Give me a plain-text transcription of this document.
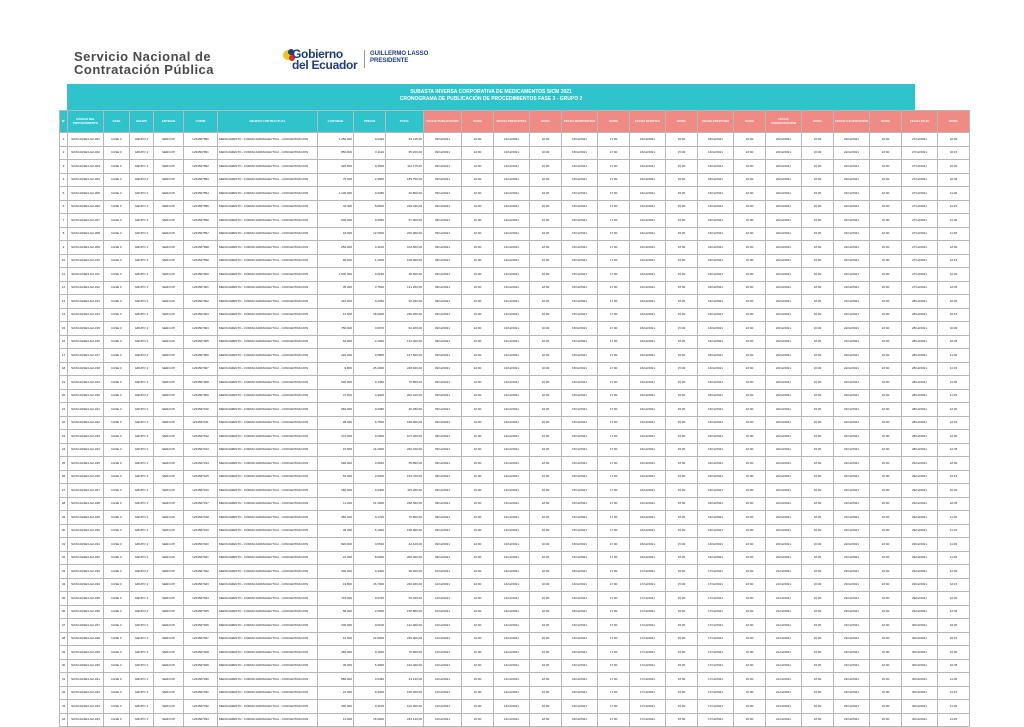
Servicio Nacional de
Contratación Pública
Gobierno
del Ecuador
GUILLERMO LASSO
PRESIDENTE
SUBASTA INVERSA CORPORATIVA DE MEDICAMENTOS SICM 2021
CRONOGRAMA DE PUBLICACIÓN DE PROCEDIMIENTOS FASE 3 - GRUPO 2
N°	CÓDIGO DEL PROCEDIMIENTO	FASE	GRUPO	ENTIDAD	CUDIM	OBJETO CONTRACTUAL	CANTIDAD	PRECIO	TOTAL	FECHA PUBLICACIÓN	HORA	FECHA PREGUNTAS	HORA	FECHA RESPUESTAS	HORA	FECHA OFERTAS	HORA	FECHA APERTURA	HORA	FECHA CONVALIDACIÓN	HORA	FECHA CALIFICACIÓN	HORA	FECHA PUJA	HORA
1	SICM-FASE3-G2-001	FASE 3	GRUPO 2	SERCOP	1234567890	MEDICAMENTO - FORMA FARMACEUTICA - CONCENTRACION	1.250.000	0,0425	53.125,00	09/12/2021	10:00	13/12/2021	10:00	15/12/2021	17:00	16/12/2021	15:00	16/12/2021	16:00	20/12/2021	16:00	22/12/2021	16:00	27/12/2021	10:00
2	SICM-FASE3-G2-002	FASE 3	GRUPO 2	SERCOP	1234567891	MEDICAMENTO - FORMA FARMACEUTICA - CONCENTRACION	850.000	0,1120	95.200,00	09/12/2021	10:00	13/12/2021	10:00	15/12/2021	17:00	16/12/2021	15:00	16/12/2021	16:00	20/12/2021	16:00	22/12/2021	16:00	27/12/2021	10:15
3	SICM-FASE3-G2-003	FASE 3	GRUPO 2	SERCOP	1234567892	MEDICAMENTO - FORMA FARMACEUTICA - CONCENTRACION	320.500	0,3500	112.175,00	09/12/2021	10:00	13/12/2021	10:00	15/12/2021	17:00	16/12/2021	15:00	16/12/2021	16:00	20/12/2021	16:00	22/12/2021	16:00	27/12/2021	10:30
4	SICM-FASE3-G2-004	FASE 3	GRUPO 2	SERCOP	1234567893	MEDICAMENTO - FORMA FARMACEUTICA - CONCENTRACION	75.000	2,4500	183.750,00	09/12/2021	10:00	13/12/2021	10:00	15/12/2021	17:00	16/12/2021	15:00	16/12/2021	16:00	20/12/2021	16:00	22/12/2021	16:00	27/12/2021	10:45
5	SICM-FASE3-G2-005	FASE 3	GRUPO 2	SERCOP	1234567894	MEDICAMENTO - FORMA FARMACEUTICA - CONCENTRACION	1.100.000	0,0280	30.800,00	09/12/2021	10:00	13/12/2021	10:00	15/12/2021	17:00	16/12/2021	15:00	16/12/2021	16:00	20/12/2021	16:00	22/12/2021	16:00	27/12/2021	11:00
6	SICM-FASE3-G2-006	FASE 3	GRUPO 2	SERCOP	1234567895	MEDICAMENTO - FORMA FARMACEUTICA - CONCENTRACION	42.300	5,8000	245.340,00	09/12/2021	10:00	13/12/2021	10:00	15/12/2021	17:00	16/12/2021	15:00	16/12/2021	16:00	20/12/2021	16:00	22/12/2021	16:00	27/12/2021	11:15
7	SICM-FASE3-G2-007	FASE 3	GRUPO 2	SERCOP	1234567896	MEDICAMENTO - FORMA FARMACEUTICA - CONCENTRACION	600.000	0,0950	57.000,00	09/12/2021	10:00	13/12/2021	10:00	15/12/2021	17:00	16/12/2021	15:00	16/12/2021	16:00	20/12/2021	16:00	22/12/2021	16:00	27/12/2021	11:30
8	SICM-FASE3-G2-008	FASE 3	GRUPO 2	SERCOP	1234567897	MEDICAMENTO - FORMA FARMACEUTICA - CONCENTRACION	18.000	12,5000	225.000,00	09/12/2021	10:00	13/12/2021	10:00	15/12/2021	17:00	16/12/2021	15:00	16/12/2021	16:00	20/12/2021	16:00	22/12/2021	16:00	27/12/2021	11:45
9	SICM-FASE3-G2-009	FASE 3	GRUPO 2	SERCOP	1234567898	MEDICAMENTO - FORMA FARMACEUTICA - CONCENTRACION	250.000	0,4100	102.500,00	09/12/2021	10:00	13/12/2021	10:00	15/12/2021	17:00	16/12/2021	15:00	16/12/2021	16:00	20/12/2021	16:00	22/12/2021	16:00	27/12/2021	12:00
10	SICM-FASE3-G2-010	FASE 3	GRUPO 2	SERCOP	1234567899	MEDICAMENTO - FORMA FARMACEUTICA - CONCENTRACION	90.000	1,2000	108.000,00	09/12/2021	10:00	13/12/2021	10:00	15/12/2021	17:00	16/12/2021	15:00	16/12/2021	16:00	20/12/2021	16:00	22/12/2021	16:00	27/12/2021	12:15
11	SICM-FASE3-G2-011	FASE 3	GRUPO 2	SERCOP	1234567900	MEDICAMENTO - FORMA FARMACEUTICA - CONCENTRACION	1.500.000	0,0190	28.500,00	09/12/2021	10:00	13/12/2021	10:00	15/12/2021	17:00	16/12/2021	15:00	16/12/2021	16:00	20/12/2021	16:00	22/12/2021	16:00	27/12/2021	12:30
12	SICM-FASE3-G2-012	FASE 3	GRUPO 2	SERCOP	1234567901	MEDICAMENTO - FORMA FARMACEUTICA - CONCENTRACION	35.000	3,7500	131.250,00	09/12/2021	10:00	13/12/2021	10:00	15/12/2021	17:00	16/12/2021	15:00	16/12/2021	16:00	20/12/2021	16:00	22/12/2021	16:00	27/12/2021	12:45
13	SICM-FASE3-G2-013	FASE 3	GRUPO 2	SERCOP	1234567902	MEDICAMENTO - FORMA FARMACEUTICA - CONCENTRACION	410.000	0,2250	92.250,00	09/12/2021	10:00	13/12/2021	10:00	15/12/2021	17:00	16/12/2021	15:00	16/12/2021	16:00	20/12/2021	16:00	22/12/2021	16:00	28/12/2021	10:00
14	SICM-FASE3-G2-014	FASE 3	GRUPO 2	SERCOP	1234567903	MEDICAMENTO - FORMA FARMACEUTICA - CONCENTRACION	12.500	18,9000	236.250,00	09/12/2021	10:00	13/12/2021	10:00	15/12/2021	17:00	16/12/2021	15:00	16/12/2021	16:00	20/12/2021	16:00	22/12/2021	16:00	28/12/2021	10:15
15	SICM-FASE3-G2-015	FASE 3	GRUPO 2	SERCOP	1234567904	MEDICAMENTO - FORMA FARMACEUTICA - CONCENTRACION	780.000	0,0670	52.260,00	09/12/2021	10:00	13/12/2021	10:00	15/12/2021	17:00	16/12/2021	15:00	16/12/2021	16:00	20/12/2021	16:00	22/12/2021	16:00	28/12/2021	10:30
16	SICM-FASE3-G2-016	FASE 3	GRUPO 2	SERCOP	1234567905	MEDICAMENTO - FORMA FARMACEUTICA - CONCENTRACION	64.000	2,1000	134.400,00	09/12/2021	10:00	13/12/2021	10:00	15/12/2021	17:00	16/12/2021	15:00	16/12/2021	16:00	20/12/2021	16:00	22/12/2021	16:00	28/12/2021	10:45
17	SICM-FASE3-G2-017	FASE 3	GRUPO 2	SERCOP	1234567906	MEDICAMENTO - FORMA FARMACEUTICA - CONCENTRACION	220.000	0,5800	127.600,00	09/12/2021	10:00	13/12/2021	10:00	15/12/2021	17:00	16/12/2021	15:00	16/12/2021	16:00	20/12/2021	16:00	22/12/2021	16:00	28/12/2021	11:00
18	SICM-FASE3-G2-018	FASE 3	GRUPO 2	SERCOP	1234567907	MEDICAMENTO - FORMA FARMACEUTICA - CONCENTRACION	9.800	25,4000	248.920,00	09/12/2021	10:00	13/12/2021	10:00	15/12/2021	17:00	16/12/2021	15:00	16/12/2021	16:00	20/12/2021	16:00	22/12/2021	16:00	28/12/2021	11:15
19	SICM-FASE3-G2-019	FASE 3	GRUPO 2	SERCOP	1234567908	MEDICAMENTO - FORMA FARMACEUTICA - CONCENTRACION	530.000	0,1450	76.850,00	09/12/2021	10:00	13/12/2021	10:00	15/12/2021	17:00	16/12/2021	15:00	16/12/2021	16:00	20/12/2021	16:00	22/12/2021	16:00	28/12/2021	11:30
20	SICM-FASE3-G2-020	FASE 3	GRUPO 2	SERCOP	1234567909	MEDICAMENTO - FORMA FARMACEUTICA - CONCENTRACION	47.000	4,3000	202.100,00	09/12/2021	10:00	13/12/2021	10:00	15/12/2021	17:00	16/12/2021	15:00	16/12/2021	16:00	20/12/2021	16:00	22/12/2021	16:00	28/12/2021	11:45
21	SICM-FASE3-G2-021	FASE 3	GRUPO 2	SERCOP	1234567910	MEDICAMENTO - FORMA FARMACEUTICA - CONCENTRACION	960.000	0,0380	36.480,00	09/12/2021	10:00	13/12/2021	10:00	15/12/2021	17:00	16/12/2021	15:00	16/12/2021	16:00	20/12/2021	16:00	22/12/2021	16:00	28/12/2021	12:00
22	SICM-FASE3-G2-022	FASE 3	GRUPO 2	SERCOP	1234567911	MEDICAMENTO - FORMA FARMACEUTICA - CONCENTRACION	28.000	6,7500	189.000,00	09/12/2021	10:00	13/12/2021	10:00	15/12/2021	17:00	16/12/2021	15:00	16/12/2021	16:00	20/12/2021	16:00	22/12/2021	16:00	28/12/2021	12:15
23	SICM-FASE3-G2-023	FASE 3	GRUPO 2	SERCOP	1234567912	MEDICAMENTO - FORMA FARMACEUTICA - CONCENTRACION	370.000	0,2900	107.300,00	09/12/2021	10:00	13/12/2021	10:00	15/12/2021	17:00	16/12/2021	15:00	16/12/2021	16:00	20/12/2021	16:00	22/12/2021	16:00	28/12/2021	12:30
24	SICM-FASE3-G2-024	FASE 3	GRUPO 2	SERCOP	1234567913	MEDICAMENTO - FORMA FARMACEUTICA - CONCENTRACION	15.500	14,2000	220.100,00	09/12/2021	10:00	13/12/2021	10:00	15/12/2021	17:00	16/12/2021	15:00	16/12/2021	16:00	20/12/2021	16:00	22/12/2021	16:00	28/12/2021	12:45
25	SICM-FASE3-G2-025	FASE 3	GRUPO 2	SERCOP	1234567914	MEDICAMENTO - FORMA FARMACEUTICA - CONCENTRACION	690.000	0,0810	55.890,00	09/12/2021	10:00	13/12/2021	10:00	15/12/2021	17:00	16/12/2021	15:00	16/12/2021	16:00	20/12/2021	16:00	22/12/2021	16:00	29/12/2021	10:00
26	SICM-FASE3-G2-026	FASE 3	GRUPO 2	SERCOP	1234567915	MEDICAMENTO - FORMA FARMACEUTICA - CONCENTRACION	53.000	2,9000	153.700,00	09/12/2021	10:00	13/12/2021	10:00	15/12/2021	17:00	16/12/2021	15:00	16/12/2021	16:00	20/12/2021	16:00	22/12/2021	16:00	29/12/2021	10:15
27	SICM-FASE3-G2-027	FASE 3	GRUPO 2	SERCOP	1234567916	MEDICAMENTO - FORMA FARMACEUTICA - CONCENTRACION	180.000	0,6400	115.200,00	09/12/2021	10:00	13/12/2021	10:00	15/12/2021	17:00	16/12/2021	15:00	16/12/2021	16:00	20/12/2021	16:00	22/12/2021	16:00	29/12/2021	10:30
28	SICM-FASE3-G2-028	FASE 3	GRUPO 2	SERCOP	1234567917	MEDICAMENTO - FORMA FARMACEUTICA - CONCENTRACION	11.200	21,3000	238.560,00	09/12/2021	10:00	13/12/2021	10:00	15/12/2021	17:00	16/12/2021	15:00	16/12/2021	16:00	20/12/2021	16:00	22/12/2021	16:00	29/12/2021	10:45
29	SICM-FASE3-G2-029	FASE 3	GRUPO 2	SERCOP	1234567918	MEDICAMENTO - FORMA FARMACEUTICA - CONCENTRACION	450.000	0,1700	76.500,00	09/12/2021	10:00	13/12/2021	10:00	15/12/2021	17:00	16/12/2021	15:00	16/12/2021	16:00	20/12/2021	16:00	22/12/2021	16:00	29/12/2021	11:00
30	SICM-FASE3-G2-030	FASE 3	GRUPO 2	SERCOP	1234567919	MEDICAMENTO - FORMA FARMACEUTICA - CONCENTRACION	39.000	5,1000	198.900,00	09/12/2021	10:00	13/12/2021	10:00	15/12/2021	17:00	16/12/2021	15:00	16/12/2021	16:00	20/12/2021	16:00	22/12/2021	16:00	29/12/2021	11:15
31	SICM-FASE3-G2-031	FASE 3	GRUPO 2	SERCOP	1234567920	MEDICAMENTO - FORMA FARMACEUTICA - CONCENTRACION	820.000	0,0520	42.640,00	09/12/2021	10:00	13/12/2021	10:00	15/12/2021	17:00	16/12/2021	15:00	16/12/2021	16:00	20/12/2021	16:00	22/12/2021	16:00	29/12/2021	11:30
32	SICM-FASE3-G2-032	FASE 3	GRUPO 2	SERCOP	1234567921	MEDICAMENTO - FORMA FARMACEUTICA - CONCENTRACION	24.000	8,6000	206.400,00	09/12/2021	10:00	13/12/2021	10:00	15/12/2021	17:00	16/12/2021	15:00	16/12/2021	16:00	20/12/2021	16:00	22/12/2021	16:00	29/12/2021	11:45
33	SICM-FASE3-G2-033	FASE 3	GRUPO 2	SERCOP	1234567922	MEDICAMENTO - FORMA FARMACEUTICA - CONCENTRACION	300.000	0,3300	99.000,00	10/12/2021	10:00	14/12/2021	10:00	16/12/2021	17:00	17/12/2021	15:00	17/12/2021	16:00	21/12/2021	16:00	23/12/2021	16:00	29/12/2021	12:00
34	SICM-FASE3-G2-034	FASE 3	GRUPO 2	SERCOP	1234567923	MEDICAMENTO - FORMA FARMACEUTICA - CONCENTRACION	13.800	16,7000	230.460,00	10/12/2021	10:00	14/12/2021	10:00	16/12/2021	17:00	17/12/2021	15:00	17/12/2021	16:00	21/12/2021	16:00	23/12/2021	16:00	29/12/2021	12:15
35	SICM-FASE3-G2-035	FASE 3	GRUPO 2	SERCOP	1234567924	MEDICAMENTO - FORMA FARMACEUTICA - CONCENTRACION	740.000	0,0730	54.020,00	10/12/2021	10:00	14/12/2021	10:00	16/12/2021	17:00	17/12/2021	15:00	17/12/2021	16:00	21/12/2021	16:00	23/12/2021	16:00	29/12/2021	12:30
36	SICM-FASE3-G2-036	FASE 3	GRUPO 2	SERCOP	1234567925	MEDICAMENTO - FORMA FARMACEUTICA - CONCENTRACION	58.000	2,6000	150.800,00	10/12/2021	10:00	14/12/2021	10:00	16/12/2021	17:00	17/12/2021	15:00	17/12/2021	16:00	21/12/2021	16:00	23/12/2021	16:00	29/12/2021	12:45
37	SICM-FASE3-G2-037	FASE 3	GRUPO 2	SERCOP	1234567926	MEDICAMENTO - FORMA FARMACEUTICA - CONCENTRACION	200.000	0,6100	122.000,00	10/12/2021	10:00	14/12/2021	10:00	16/12/2021	17:00	17/12/2021	15:00	17/12/2021	16:00	21/12/2021	16:00	23/12/2021	16:00	30/12/2021	10:00
38	SICM-FASE3-G2-038	FASE 3	GRUPO 2	SERCOP	1234567927	MEDICAMENTO - FORMA FARMACEUTICA - CONCENTRACION	10.500	22,8000	239.400,00	10/12/2021	10:00	14/12/2021	10:00	16/12/2021	17:00	17/12/2021	15:00	17/12/2021	16:00	21/12/2021	16:00	23/12/2021	16:00	30/12/2021	10:15
39	SICM-FASE3-G2-039	FASE 3	GRUPO 2	SERCOP	1234567928	MEDICAMENTO - FORMA FARMACEUTICA - CONCENTRACION	480.000	0,1600	76.800,00	10/12/2021	10:00	14/12/2021	10:00	16/12/2021	17:00	17/12/2021	15:00	17/12/2021	16:00	21/12/2021	16:00	23/12/2021	16:00	30/12/2021	10:30
40	SICM-FASE3-G2-040	FASE 3	GRUPO 2	SERCOP	1234567929	MEDICAMENTO - FORMA FARMACEUTICA - CONCENTRACION	36.000	5,4000	194.400,00	10/12/2021	10:00	14/12/2021	10:00	16/12/2021	17:00	17/12/2021	15:00	17/12/2021	16:00	21/12/2021	16:00	23/12/2021	16:00	30/12/2021	10:45
41	SICM-FASE3-G2-041	FASE 3	GRUPO 2	SERCOP	1234567930	MEDICAMENTO - FORMA FARMACEUTICA - CONCENTRACION	880.000	0,0490	43.120,00	10/12/2021	10:00	14/12/2021	10:00	16/12/2021	17:00	17/12/2021	15:00	17/12/2021	16:00	21/12/2021	16:00	23/12/2021	16:00	30/12/2021	11:00
42	SICM-FASE3-G2-042	FASE 3	GRUPO 2	SERCOP	1234567931	MEDICAMENTO - FORMA FARMACEUTICA - CONCENTRACION	21.000	9,3000	195.300,00	10/12/2021	10:00	14/12/2021	10:00	16/12/2021	17:00	17/12/2021	15:00	17/12/2021	16:00	21/12/2021	16:00	23/12/2021	16:00	30/12/2021	11:15
43	SICM-FASE3-G2-043	FASE 3	GRUPO 2	SERCOP	1234567932	MEDICAMENTO - FORMA FARMACEUTICA - CONCENTRACION	330.000	0,3100	102.300,00	10/12/2021	10:00	14/12/2021	10:00	16/12/2021	17:00	17/12/2021	15:00	17/12/2021	16:00	21/12/2021	16:00	23/12/2021	16:00	30/12/2021	11:30
44	SICM-FASE3-G2-044	FASE 3	GRUPO 2	SERCOP	1234567933	MEDICAMENTO - FORMA FARMACEUTICA - CONCENTRACION	14.600	15,9000	232.140,00	10/12/2021	10:00	14/12/2021	10:00	16/12/2021	17:00	17/12/2021	15:00	17/12/2021	16:00	21/12/2021	16:00	23/12/2021	16:00	30/12/2021	11:45
